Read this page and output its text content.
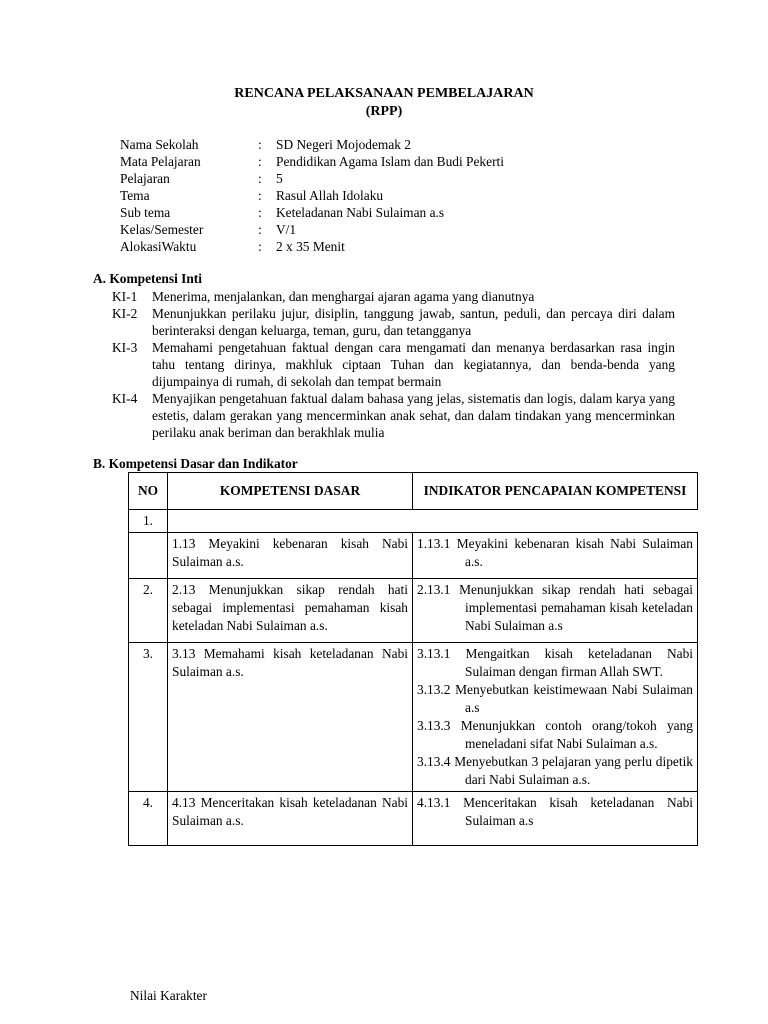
RENCANA PELAKSANAAN PEMBELAJARAN
(RPP)
Nama Sekolah	: SD Negeri Mojodemak 2
Mata Pelajaran	: Pendidikan Agama Islam dan Budi Pekerti
Pelajaran	: 5
Tema	: Rasul Allah Idolaku
Sub tema	: Keteladanan Nabi Sulaiman a.s
Kelas/Semester	: V/1
AlokasiWaktu	: 2 x 35 Menit
A. Kompetensi Inti
KI-1	Menerima, menjalankan, dan menghargai ajaran agama yang dianutnya
KI-2	Menunjukkan perilaku jujur, disiplin, tanggung jawab, santun, peduli, dan percaya diri dalam berinteraksi dengan keluarga, teman, guru, dan tetangganya
KI-3	Memahami pengetahuan faktual dengan cara mengamati dan menanya berdasarkan rasa ingin tahu tentang dirinya, makhluk ciptaan Tuhan dan kegiatannya, dan benda-benda yang dijumpainya di rumah, di sekolah dan tempat bermain
KI-4	Menyajikan pengetahuan faktual dalam bahasa yang jelas, sistematis dan logis, dalam karya yang estetis, dalam gerakan yang mencerminkan anak sehat, dan dalam tindakan yang mencerminkan perilaku anak beriman dan berakhlak mulia
B. Kompetensi Dasar dan Indikator
NO	KOMPETENSI DASAR	INDIKATOR PENCAPAIAN KOMPETENSI
1.		
	1.13 Meyakini kebenaran kisah Nabi Sulaiman a.s.	1.13.1 Meyakini kebenaran kisah Nabi Sulaiman a.s.

2.	2.13 Menunjukkan sikap rendah hati sebagai implementasi pemahaman kisah keteladan Nabi Sulaiman a.s.	2.13.1 Menunjukkan sikap rendah hati sebagai implementasi pemahaman kisah keteladan Nabi Sulaiman a.s

3.	3.13 Memahami kisah keteladanan Nabi Sulaiman a.s.	3.13.1 Mengaitkan kisah keteladanan Nabi Sulaiman dengan firman Allah SWT.
3.13.2 Menyebutkan keistimewaan Nabi Sulaiman a.s
3.13.3 Menunjukkan contoh orang/tokoh yang meneladani sifat Nabi Sulaiman a.s.
3.13.4 Menyebutkan 3 pelajaran yang perlu dipetik dari Nabi Sulaiman a.s.

4.	4.13 Menceritakan kisah keteladanan Nabi Sulaiman a.s.	4.13.1 Menceritakan kisah keteladanan Nabi Sulaiman a.s
Nilai Karakter
